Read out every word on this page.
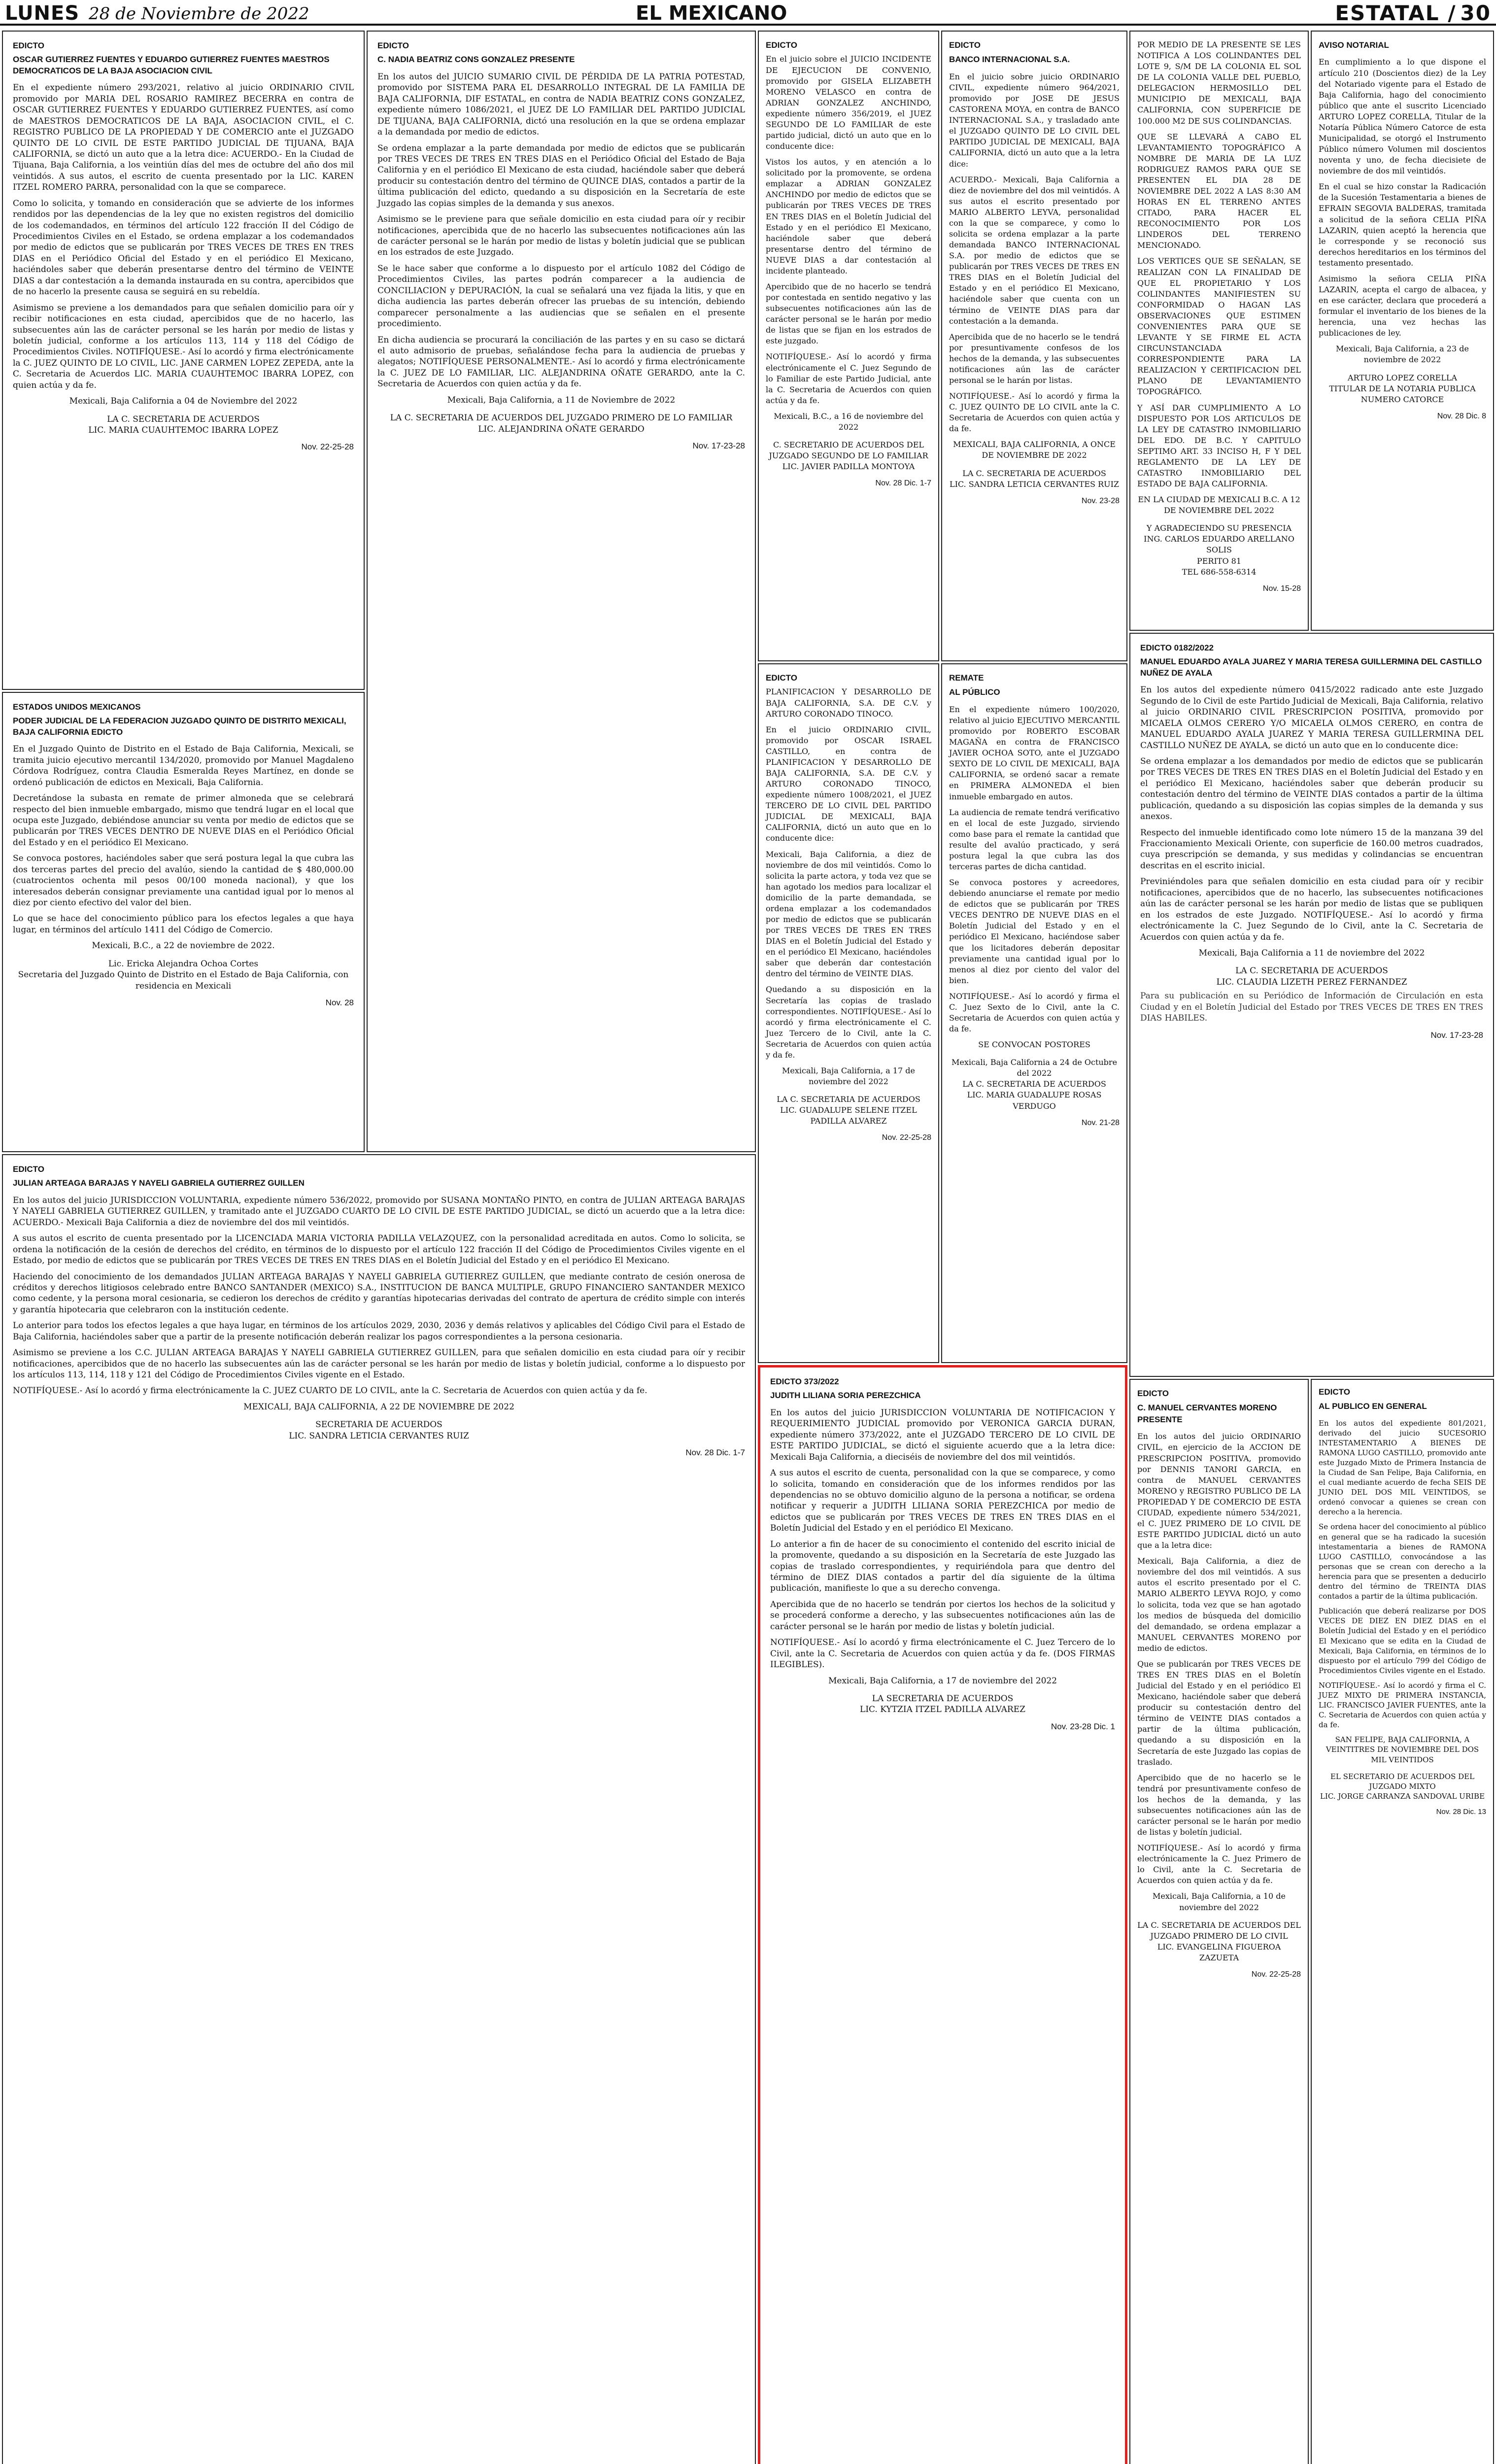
LUNES 28 de Noviembre de 2022	EL MEXICANO	ESTATAL / 30
EDICTO
OSCAR GUTIERREZ FUENTES Y EDUARDO GUTIERREZ FUENTES MAESTROS DEMOCRATICOS DE LA BAJA ASOCIACION CIVIL

En el expediente número 293/2021, relativo al juicio ORDINARIO CIVIL promovido por MARIA DEL ROSARIO RAMIREZ BECERRA en contra de OSCAR GUTIERREZ FUENTES Y EDUARDO GUTIERREZ FUENTES, así como de MAESTROS DEMOCRATICOS DE LA BAJA, ASOCIACION CIVIL, el C. REGISTRO PUBLICO DE LA PROPIEDAD Y DE COMERCIO ante el JUZGADO QUINTO DE LO CIVIL DE ESTE PARTIDO JUDICIAL DE TIJUANA, BAJA CALIFORNIA, se dictó un auto que a la letra dice: ACUERDO.- En la Ciudad de Tijuana, Baja California, a los veintiún días del mes de octubre del año dos mil veintidós. A sus autos, el escrito de cuenta presentado por la LIC. KAREN ITZEL ROMERO PARRA, personalidad con la que se comparece.

Como lo solicita, y tomando en consideración que se advierte de los informes rendidos por las dependencias de la ley que no existen registros del domicilio de los codemandados, en términos del artículo 122 fracción II del Código de Procedimientos Civiles en el Estado, se ordena emplazar a los codemandados por medio de edictos que se publicarán por TRES VECES DE TRES EN TRES DIAS en el Periódico Oficial del Estado y en el periódico El Mexicano, haciéndoles saber que deberán presentarse dentro del término de VEINTE DIAS a dar contestación a la demanda instaurada en su contra, apercibidos que de no hacerlo la presente causa se seguirá en su rebeldía.

Asimismo se previene a los demandados para que señalen domicilio para oír y recibir notificaciones en esta ciudad, apercibidos que de no hacerlo, las subsecuentes aún las de carácter personal se les harán por medio de listas y boletín judicial, conforme a los artículos 113, 114 y 118 del Código de Procedimientos Civiles. NOTIFÍQUESE.- Así lo acordó y firma electrónicamente la C. JUEZ QUINTO DE LO CIVIL, LIC. JANE CARMEN LOPEZ ZEPEDA, ante la C. Secretaria de Acuerdos LIC. MARIA CUAUHTEMOC IBARRA LOPEZ, con quien actúa y da fe.

Mexicali, Baja California a 04 de Noviembre del 2022
LA C. SECRETARIA DE ACUERDOS
LIC. MARIA CUAUHTEMOC IBARRA LOPEZ
Nov. 22-25-28
EDICTO
C. NADIA BEATRIZ CONS GONZALEZ PRESENTE

En los autos del JUICIO SUMARIO CIVIL DE PÉRDIDA DE LA PATRIA POTESTAD, promovido por SISTEMA PARA EL DESARROLLO INTEGRAL DE LA FAMILIA DE BAJA CALIFORNIA, DIF ESTATAL, en contra de NADIA BEATRIZ CONS GONZALEZ, expediente número 1086/2021, el JUEZ DE LO FAMILIAR DEL PARTIDO JUDICIAL DE TIJUANA, BAJA CALIFORNIA, dictó una resolución en la que se ordena emplazar a la demandada por medio de edictos.

Se ordena emplazar a la parte demandada por medio de edictos que se publicarán por TRES VECES DE TRES EN TRES DIAS en el Periódico Oficial del Estado de Baja California y en el periódico El Mexicano de esta ciudad, haciéndole saber que deberá producir su contestación dentro del término de QUINCE DIAS, contados a partir de la última publicación del edicto, quedando a su disposición en la Secretaría de este Juzgado las copias simples de la demanda y sus anexos.

Asimismo se le previene para que señale domicilio en esta ciudad para oír y recibir notificaciones, apercibida que de no hacerlo las subsecuentes notificaciones aún las de carácter personal se le harán por medio de listas y boletín judicial que se publican en los estrados de este Juzgado.

Se le hace saber que conforme a lo dispuesto por el artículo 1082 del Código de Procedimientos Civiles, las partes podrán comparecer a la audiencia de CONCILIACION y DEPURACIÓN, la cual se señalará una vez fijada la litis, y que en dicha audiencia las partes deberán ofrecer las pruebas de su intención, debiendo comparecer personalmente a las audiencias que se señalen en el presente procedimiento.

En dicha audiencia se procurará la conciliación de las partes y en su caso se dictará el auto admisorio de pruebas, señalándose fecha para la audiencia de pruebas y alegatos; NOTIFÍQUESE PERSONALMENTE.- Así lo acordó y firma electrónicamente la C. JUEZ DE LO FAMILIAR, LIC. ALEJANDRINA OÑATE GERARDO, ante la C. Secretaria de Acuerdos con quien actúa y da fe.

Mexicali, Baja California, a 11 de Noviembre de 2022
LA C. SECRETARIA DE ACUERDOS DEL JUZGADO PRIMERO DE LO FAMILIAR
LIC. ALEJANDRINA OÑATE GERARDO
Nov. 17-23-28
EDICTO

En el juicio sobre el JUICIO INCIDENTE DE EJECUCION DE CONVENIO, promovido por GISELA ELIZABETH MORENO VELASCO en contra de ADRIAN GONZALEZ ANCHINDO, expediente número 356/2019, el JUEZ SEGUNDO DE LO FAMILIAR de este partido judicial, dictó un auto que en lo conducente dice:

Vistos los autos, y en atención a lo solicitado por la promovente, se ordena emplazar a ADRIAN GONZALEZ ANCHINDO por medio de edictos que se publicarán por TRES VECES DE TRES EN TRES DIAS en el Boletín Judicial del Estado y en el periódico El Mexicano, haciéndole saber que deberá presentarse dentro del término de NUEVE DIAS a dar contestación al incidente planteado.

Apercibido que de no hacerlo se tendrá por contestada en sentido negativo y las subsecuentes notificaciones aún las de carácter personal se le harán por medio de listas que se fijan en los estrados de este juzgado.

NOTIFÍQUESE.- Así lo acordó y firma electrónicamente el C. Juez Segundo de lo Familiar de este Partido Judicial, ante la C. Secretaria de Acuerdos con quien actúa y da fe.

Mexicali, B.C., a 16 de noviembre del 2022
C. SECRETARIO DE ACUERDOS DEL JUZGADO SEGUNDO DE LO FAMILIAR
LIC. JAVIER PADILLA MONTOYA
Nov. 28 Dic. 1-7
EDICTO
BANCO INTERNACIONAL S.A.

En el juicio sobre juicio ORDINARIO CIVIL, expediente número 964/2021, promovido por JOSE DE JESUS CASTORENA MOYA, en contra de BANCO INTERNACIONAL S.A., y trasladado ante el JUZGADO QUINTO DE LO CIVIL DEL PARTIDO JUDICIAL DE MEXICALI, BAJA CALIFORNIA, dictó un auto que a la letra dice:

ACUERDO.- Mexicali, Baja California a diez de noviembre del dos mil veintidós. A sus autos el escrito presentado por MARIO ALBERTO LEYVA, personalidad con la que se comparece, y como lo solicita se ordena emplazar a la parte demandada BANCO INTERNACIONAL S.A. por medio de edictos que se publicarán por TRES VECES DE TRES EN TRES DIAS en el Boletín Judicial del Estado y en el periódico El Mexicano, haciéndole saber que cuenta con un término de VEINTE DIAS para dar contestación a la demanda.

Apercibida que de no hacerlo se le tendrá por presuntivamente confesos de los hechos de la demanda, y las subsecuentes notificaciones aún las de carácter personal se le harán por listas.

NOTIFÍQUESE.- Así lo acordó y firma la C. JUEZ QUINTO DE LO CIVIL ante la C. Secretaria de Acuerdos con quien actúa y da fe.

MEXICALI, BAJA CALIFORNIA, A ONCE DE NOVIEMBRE DE 2022
LA C. SECRETARIA DE ACUERDOS
LIC. SANDRA LETICIA CERVANTES RUIZ
Nov. 23-28

POR MEDIO DE LA PRESENTE SE LES NOTIFICA A LOS COLINDANTES DEL LOTE 9, S/M DE LA COLONIA EL SOL DE LA COLONIA VALLE DEL PUEBLO, DELEGACION HERMOSILLO DEL MUNICIPIO DE MEXICALI, BAJA CALIFORNIA, CON SUPERFICIE DE 100.000 M2 DE SUS COLINDANCIAS.

QUE SE LLEVARÁ A CABO EL LEVANTAMIENTO TOPOGRÁFICO A NOMBRE DE MARIA DE LA LUZ RODRIGUEZ RAMOS PARA QUE SE PRESENTEN EL DIA 28 DE NOVIEMBRE DEL 2022 A LAS 8:30 AM HORAS EN EL TERRENO ANTES CITADO, PARA HACER EL RECONOCIMIENTO POR LOS LINDEROS DEL TERRENO MENCIONADO.

LOS VERTICES QUE SE SEÑALAN, SE REALIZAN CON LA FINALIDAD DE QUE EL PROPIETARIO Y LOS COLINDANTES MANIFIESTEN SU CONFORMIDAD O HAGAN LAS OBSERVACIONES QUE ESTIMEN CONVENIENTES PARA QUE SE LEVANTE Y SE FIRME EL ACTA CIRCUNSTANCIADA CORRESPONDIENTE PARA LA REALIZACION Y CERTIFICACION DEL PLANO DE LEVANTAMIENTO TOPOGRÁFICO.

Y ASÍ DAR CUMPLIMIENTO A LO DISPUESTO POR LOS ARTICULOS DE LA LEY DE CATASTRO INMOBILIARIO DEL EDO. DE B.C. Y CAPITULO SEPTIMO ART. 33 INCISO H, F Y DEL REGLAMENTO DE LA LEY DE CATASTRO INMOBILIARIO DEL ESTADO DE BAJA CALIFORNIA.

EN LA CIUDAD DE MEXICALI B.C. A 12 DE NOVIEMBRE DEL 2022
Y AGRADECIENDO SU PRESENCIA
ING. CARLOS EDUARDO ARELLANO SOLIS
PERITO 81
TEL 686-558-6314
Nov. 15-28
AVISO NOTARIAL

En cumplimiento a lo que dispone el artículo 210 (Doscientos diez) de la Ley del Notariado vigente para el Estado de Baja California, hago del conocimiento público que ante el suscrito Licenciado ARTURO LOPEZ CORELLA, Titular de la Notaría Pública Número Catorce de esta Municipalidad, se otorgó el Instrumento Público número Volumen mil doscientos noventa y uno, de fecha diecisiete de noviembre de dos mil veintidós.

En el cual se hizo constar la Radicación de la Sucesión Testamentaria a bienes de EFRAIN SEGOVIA BALDERAS, tramitada a solicitud de la señora CELIA PIÑA LAZARIN, quien aceptó la herencia que le corresponde y se reconoció sus derechos hereditarios en los términos del testamento presentado.

Asimismo la señora CELIA PIÑA LAZARIN, acepta el cargo de albacea, y en ese carácter, declara que procederá a formular el inventario de los bienes de la herencia, una vez hechas las publicaciones de ley.

Mexicali, Baja California, a 23 de noviembre de 2022
ARTURO LOPEZ CORELLA
TITULAR DE LA NOTARIA PUBLICA NUMERO CATORCE
Nov. 28 Dic. 8
ESTADOS UNIDOS MEXICANOS
PODER JUDICIAL DE LA FEDERACION JUZGADO QUINTO DE DISTRITO MEXICALI, BAJA CALIFORNIA EDICTO

En el Juzgado Quinto de Distrito en el Estado de Baja California, Mexicali, se tramita juicio ejecutivo mercantil 134/2020, promovido por Manuel Magdaleno Córdova Rodríguez, contra Claudia Esmeralda Reyes Martínez, en donde se ordenó publicación de edictos en Mexicali, Baja California.

Decretándose la subasta en remate de primer almoneda que se celebrará respecto del bien inmueble embargado, mismo que tendrá lugar en el local que ocupa este Juzgado, debiéndose anunciar su venta por medio de edictos que se publicarán por TRES VECES DENTRO DE NUEVE DIAS en el Periódico Oficial del Estado y en el periódico El Mexicano.

Se convoca postores, haciéndoles saber que será postura legal la que cubra las dos terceras partes del precio del avalúo, siendo la cantidad de $ 480,000.00 (cuatrocientos ochenta mil pesos 00/100 moneda nacional), y que los interesados deberán consignar previamente una cantidad igual por lo menos al diez por ciento efectivo del valor del bien.

Lo que se hace del conocimiento público para los efectos legales a que haya lugar, en términos del artículo 1411 del Código de Comercio.

Mexicali, B.C., a 22 de noviembre de 2022.
Lic. Ericka Alejandra Ochoa Cortes
Secretaria del Juzgado Quinto de Distrito en el Estado de Baja California, con residencia en Mexicali
Nov. 28
EDICTO

PLANIFICACION Y DESARROLLO DE BAJA CALIFORNIA, S.A. DE C.V. y ARTURO CORONADO TINOCO.

En el juicio ORDINARIO CIVIL, promovido por OSCAR ISRAEL CASTILLO, en contra de PLANIFICACION Y DESARROLLO DE BAJA CALIFORNIA, S.A. DE C.V. y ARTURO CORONADO TINOCO, expediente número 1008/2021, el JUEZ TERCERO DE LO CIVIL DEL PARTIDO JUDICIAL DE MEXICALI, BAJA CALIFORNIA, dictó un auto que en lo conducente dice:

Mexicali, Baja California, a diez de noviembre de dos mil veintidós. Como lo solicita la parte actora, y toda vez que se han agotado los medios para localizar el domicilio de la parte demandada, se ordena emplazar a los codemandados por medio de edictos que se publicarán por TRES VECES DE TRES EN TRES DIAS en el Boletín Judicial del Estado y en el periódico El Mexicano, haciéndoles saber que deberán dar contestación dentro del término de VEINTE DIAS.

Quedando a su disposición en la Secretaría las copias de traslado correspondientes. NOTIFÍQUESE.- Así lo acordó y firma electrónicamente el C. Juez Tercero de lo Civil, ante la C. Secretaria de Acuerdos con quien actúa y da fe.

Mexicali, Baja California, a 17 de noviembre del 2022
LA C. SECRETARIA DE ACUERDOS
LIC. GUADALUPE SELENE ITZEL PADILLA ALVAREZ
Nov. 22-25-28
REMATE
AL PÚBLICO

En el expediente número 100/2020, relativo al juicio EJECUTIVO MERCANTIL promovido por ROBERTO ESCOBAR MAGAÑA en contra de FRANCISCO JAVIER OCHOA SOTO, ante el JUZGADO SEXTO DE LO CIVIL DE MEXICALI, BAJA CALIFORNIA, se ordenó sacar a remate en PRIMERA ALMONEDA el bien inmueble embargado en autos.

La audiencia de remate tendrá verificativo en el local de este Juzgado, sirviendo como base para el remate la cantidad que resulte del avalúo practicado, y será postura legal la que cubra las dos terceras partes de dicha cantidad.

Se convoca postores y acreedores, debiendo anunciarse el remate por medio de edictos que se publicarán por TRES VECES DENTRO DE NUEVE DIAS en el Boletín Judicial del Estado y en el periódico El Mexicano, haciéndose saber que los licitadores deberán depositar previamente una cantidad igual por lo menos al diez por ciento del valor del bien.

NOTIFÍQUESE.- Así lo acordó y firma el C. Juez Sexto de lo Civil, ante la C. Secretaria de Acuerdos con quien actúa y da fe.

SE CONVOCAN POSTORES
Mexicali, Baja California a 24 de Octubre del 2022
LA C. SECRETARIA DE ACUERDOS
LIC. MARIA GUADALUPE ROSAS VERDUGO
Nov. 21-28
EDICTO
JULIAN ARTEAGA BARAJAS Y NAYELI GABRIELA GUTIERREZ GUILLEN

En los autos del juicio JURISDICCION VOLUNTARIA, expediente número 536/2022, promovido por SUSANA MONTAÑO PINTO, en contra de JULIAN ARTEAGA BARAJAS Y NAYELI GABRIELA GUTIERREZ GUILLEN, y tramitado ante el JUZGADO CUARTO DE LO CIVIL DE ESTE PARTIDO JUDICIAL, se dictó un acuerdo que a la letra dice: ACUERDO.- Mexicali Baja California a diez de noviembre del dos mil veintidós.

A sus autos el escrito de cuenta presentado por la LICENCIADA MARIA VICTORIA PADILLA VELAZQUEZ, con la personalidad acreditada en autos. Como lo solicita, se ordena la notificación de la cesión de derechos del crédito, en términos de lo dispuesto por el artículo 122 fracción II del Código de Procedimientos Civiles vigente en el Estado, por medio de edictos que se publicarán por TRES VECES DE TRES EN TRES DIAS en el Boletín Judicial del Estado y en el periódico El Mexicano.

Haciendo del conocimiento de los demandados JULIAN ARTEAGA BARAJAS Y NAYELI GABRIELA GUTIERREZ GUILLEN, que mediante contrato de cesión onerosa de créditos y derechos litigiosos celebrado entre BANCO SANTANDER (MEXICO) S.A., INSTITUCION DE BANCA MULTIPLE, GRUPO FINANCIERO SANTANDER MEXICO como cedente, y la persona moral cesionaria, se cedieron los derechos de crédito y garantías hipotecarias derivadas del contrato de apertura de crédito simple con interés y garantía hipotecaria que celebraron con la institución cedente.

Lo anterior para todos los efectos legales a que haya lugar, en términos de los artículos 2029, 2030, 2036 y demás relativos y aplicables del Código Civil para el Estado de Baja California, haciéndoles saber que a partir de la presente notificación deberán realizar los pagos correspondientes a la persona cesionaria.

Asimismo se previene a los C.C. JULIAN ARTEAGA BARAJAS Y NAYELI GABRIELA GUTIERREZ GUILLEN, para que señalen domicilio en esta ciudad para oír y recibir notificaciones, apercibidos que de no hacerlo las subsecuentes aún las de carácter personal se les harán por medio de listas y boletín judicial, conforme a lo dispuesto por los artículos 113, 114, 118 y 121 del Código de Procedimientos Civiles vigente en el Estado.

NOTIFÍQUESE.- Así lo acordó y firma electrónicamente la C. JUEZ CUARTO DE LO CIVIL, ante la C. Secretaria de Acuerdos con quien actúa y da fe.

MEXICALI, BAJA CALIFORNIA, A 22 DE NOVIEMBRE DE 2022
SECRETARIA DE ACUERDOS
LIC. SANDRA LETICIA CERVANTES RUIZ
Nov. 28 Dic. 1-7
EDICTO 373/2022
JUDITH LILIANA SORIA PEREZCHICA

En los autos del juicio JURISDICCION VOLUNTARIA DE NOTIFICACION Y REQUERIMIENTO JUDICIAL promovido por VERONICA GARCIA DURAN, expediente número 373/2022, ante el JUZGADO TERCERO DE LO CIVIL DE ESTE PARTIDO JUDICIAL, se dictó el siguiente acuerdo que a la letra dice: Mexicali Baja California, a dieciséis de noviembre del dos mil veintidós.

A sus autos el escrito de cuenta, personalidad con la que se comparece, y como lo solicita, tomando en consideración que de los informes rendidos por las dependencias no se obtuvo domicilio alguno de la persona a notificar, se ordena notificar y requerir a JUDITH LILIANA SORIA PEREZCHICA por medio de edictos que se publicarán por TRES VECES DE TRES EN TRES DIAS en el Boletín Judicial del Estado y en el periódico El Mexicano.

Lo anterior a fin de hacer de su conocimiento el contenido del escrito inicial de la promovente, quedando a su disposición en la Secretaría de este Juzgado las copias de traslado correspondientes, y requiriéndola para que dentro del término de DIEZ DIAS contados a partir del día siguiente de la última publicación, manifieste lo que a su derecho convenga.

Apercibida que de no hacerlo se tendrán por ciertos los hechos de la solicitud y se procederá conforme a derecho, y las subsecuentes notificaciones aún las de carácter personal se le harán por medio de listas y boletín judicial.

NOTIFÍQUESE.- Así lo acordó y firma electrónicamente el C. Juez Tercero de lo Civil, ante la C. Secretaria de Acuerdos con quien actúa y da fe. (DOS FIRMAS ILEGIBLES).

Mexicali, Baja California, a 17 de noviembre del 2022
LA SECRETARIA DE ACUERDOS
LIC. KYTZIA ITZEL PADILLA ALVAREZ
Nov. 23-28 Dic. 1
EDICTO 0182/2022
MANUEL EDUARDO AYALA JUAREZ Y MARIA TERESA GUILLERMINA DEL CASTILLO NUÑEZ DE AYALA

En los autos del expediente número 0415/2022 radicado ante este Juzgado Segundo de lo Civil de este Partido Judicial de Mexicali, Baja California, relativo al juicio ORDINARIO CIVIL PRESCRIPCION POSITIVA, promovido por MICAELA OLMOS CERERO Y/O MICAELA OLMOS CERERO, en contra de MANUEL EDUARDO AYALA JUAREZ Y MARIA TERESA GUILLERMINA DEL CASTILLO NUÑEZ DE AYALA, se dictó un auto que en lo conducente dice:

Se ordena emplazar a los demandados por medio de edictos que se publicarán por TRES VECES DE TRES EN TRES DIAS en el Boletín Judicial del Estado y en el periódico El Mexicano, haciéndoles saber que deberán producir su contestación dentro del término de VEINTE DIAS contados a partir de la última publicación, quedando a su disposición las copias simples de la demanda y sus anexos.

Respecto del inmueble identificado como lote número 15 de la manzana 39 del Fraccionamiento Mexicali Oriente, con superficie de 160.00 metros cuadrados, cuya prescripción se demanda, y sus medidas y colindancias se encuentran descritas en el escrito inicial.

Previniéndoles para que señalen domicilio en esta ciudad para oír y recibir notificaciones, apercibidos que de no hacerlo, las subsecuentes notificaciones aún las de carácter personal se les harán por medio de listas que se publiquen en los estrados de este Juzgado. NOTIFÍQUESE.- Así lo acordó y firma electrónicamente la C. Juez Segundo de lo Civil, ante la C. Secretaria de Acuerdos con quien actúa y da fe.

Mexicali, Baja California a 11 de noviembre del 2022
LA C. SECRETARIA DE ACUERDOS
LIC. CLAUDIA LIZETH PEREZ FERNANDEZ
Para su publicación en su Periódico de Información de Circulación en esta Ciudad y en el Boletín Judicial del Estado por TRES VECES DE TRES EN TRES DIAS HABILES.
Nov. 17-23-28
EDICTO
C. MANUEL CERVANTES MORENO PRESENTE

En los autos del juicio ORDINARIO CIVIL, en ejercicio de la ACCION DE PRESCRIPCION POSITIVA, promovido por DENNIS TANORI GARCIA, en contra de MANUEL CERVANTES MORENO y REGISTRO PUBLICO DE LA PROPIEDAD Y DE COMERCIO DE ESTA CIUDAD, expediente número 534/2021, el C. JUEZ PRIMERO DE LO CIVIL DE ESTE PARTIDO JUDICIAL dictó un auto que a la letra dice:

Mexicali, Baja California, a diez de noviembre del dos mil veintidós. A sus autos el escrito presentado por el C. MARIO ALBERTO LEYVA ROJO, y como lo solicita, toda vez que se han agotado los medios de búsqueda del domicilio del demandado, se ordena emplazar a MANUEL CERVANTES MORENO por medio de edictos.

Que se publicarán por TRES VECES DE TRES EN TRES DIAS en el Boletín Judicial del Estado y en el periódico El Mexicano, haciéndole saber que deberá producir su contestación dentro del término de VEINTE DIAS contados a partir de la última publicación, quedando a su disposición en la Secretaría de este Juzgado las copias de traslado.

Apercibido que de no hacerlo se le tendrá por presuntivamente confeso de los hechos de la demanda, y las subsecuentes notificaciones aún las de carácter personal se le harán por medio de listas y boletín judicial.

NOTIFÍQUESE.- Así lo acordó y firma electrónicamente la C. Juez Primero de lo Civil, ante la C. Secretaria de Acuerdos con quien actúa y da fe.

Mexicali, Baja California, a 10 de noviembre del 2022
LA C. SECRETARIA DE ACUERDOS DEL JUZGADO PRIMERO DE LO CIVIL
LIC. EVANGELINA FIGUEROA ZAZUETA
Nov. 22-25-28
EDICTO
AL PUBLICO EN GENERAL

En los autos del expediente 801/2021, derivado del juicio SUCESORIO INTESTAMENTARIO A BIENES DE RAMONA LUGO CASTILLO, promovido ante este Juzgado Mixto de Primera Instancia de la Ciudad de San Felipe, Baja California, en el cual mediante acuerdo de fecha SEIS DE JUNIO DEL DOS MIL VEINTIDOS, se ordenó convocar a quienes se crean con derecho a la herencia.

Se ordena hacer del conocimiento al público en general que se ha radicado la sucesión intestamentaria a bienes de RAMONA LUGO CASTILLO, convocándose a las personas que se crean con derecho a la herencia para que se presenten a deducirlo dentro del término de TREINTA DIAS contados a partir de la última publicación.

Publicación que deberá realizarse por DOS VECES DE DIEZ EN DIEZ DIAS en el Boletín Judicial del Estado y en el periódico El Mexicano que se edita en la Ciudad de Mexicali, Baja California, en términos de lo dispuesto por el artículo 799 del Código de Procedimientos Civiles vigente en el Estado.

NOTIFÍQUESE.- Así lo acordó y firma el C. JUEZ MIXTO DE PRIMERA INSTANCIA, LIC. FRANCISCO JAVIER FUENTES, ante la C. Secretaria de Acuerdos con quien actúa y da fe.

SAN FELIPE, BAJA CALIFORNIA, A VEINTITRES DE NOVIEMBRE DEL DOS MIL VEINTIDOS
EL SECRETARIO DE ACUERDOS DEL JUZGADO MIXTO
LIC. JORGE CARRANZA SANDOVAL URIBE
Nov. 28 Dic. 13
